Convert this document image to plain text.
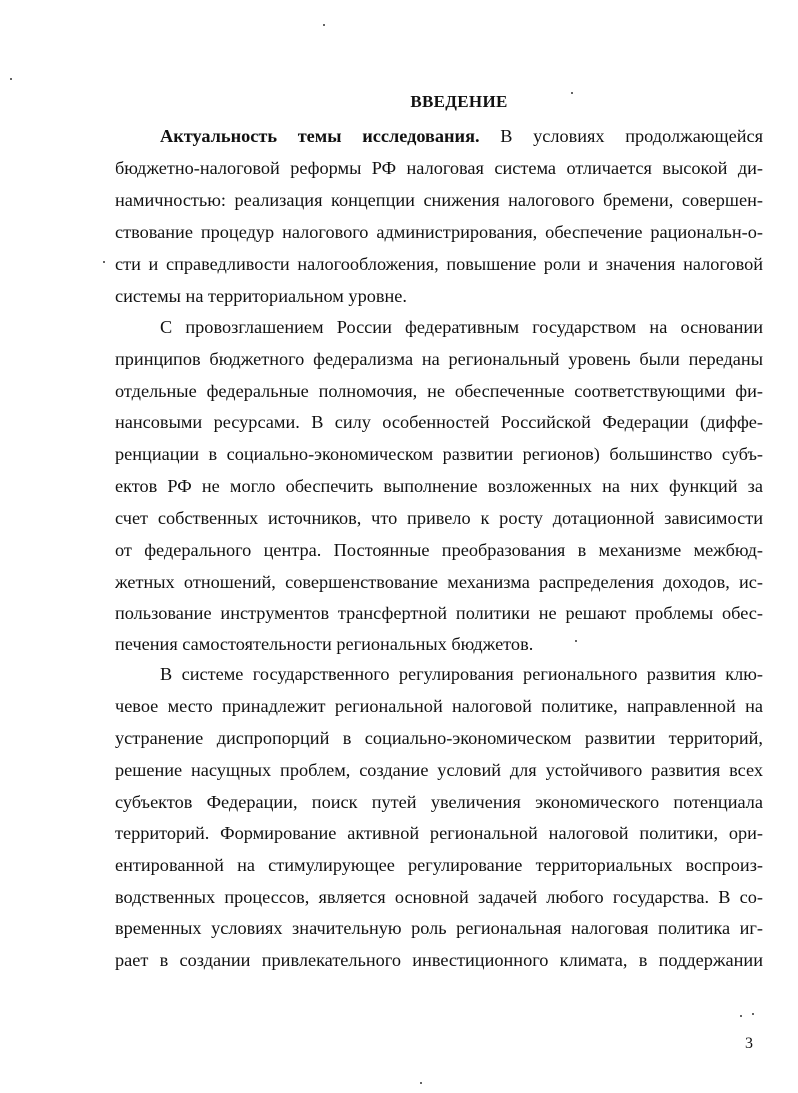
ВВЕДЕНИЕ
Актуальность темы исследования. В условиях продолжающейся
бюджетно-налоговой реформы РФ налоговая система отличается высокой ди-
намичностью: реализация концепции снижения налогового бремени, совершен-
ствование процедур налогового администрирования, обеспечение рациональн-о-
сти и справедливости налогообложения, повышение роли и значения налоговой
системы на территориальном уровне.
С провозглашением России федеративным государством на основании
принципов бюджетного федерализма на региональный уровень были переданы
отдельные федеральные полномочия, не обеспеченные соответствующими фи-
нансовыми ресурсами. В силу особенностей Российской Федерации (диффе-
ренциации в социально-экономическом развитии регионов) большинство субъ-
ектов РФ не могло обеспечить выполнение возложенных на них функций за
счет собственных источников, что привело к росту дотационной зависимости
от федерального центра. Постоянные преобразования в механизме межбюд-
жетных отношений, совершенствование механизма распределения доходов, ис-
пользование инструментов трансфертной политики не решают проблемы обес-
печения самостоятельности региональных бюджетов.
В системе государственного регулирования регионального развития клю-
чевое место принадлежит региональной налоговой политике, направленной на
устранение диспропорций в социально-экономическом развитии территорий,
решение насущных проблем, создание условий для устойчивого развития всех
субъектов Федерации, поиск путей увеличения экономического потенциала
территорий. Формирование активной региональной налоговой политики, ори-
ентированной на стимулирующее регулирование территориальных воспроиз-
водственных процессов, является основной задачей любого государства. В со-
временных условиях значительную роль региональная налоговая политика иг-
рает в создании привлекательного инвестиционного климата, в поддержании
3
